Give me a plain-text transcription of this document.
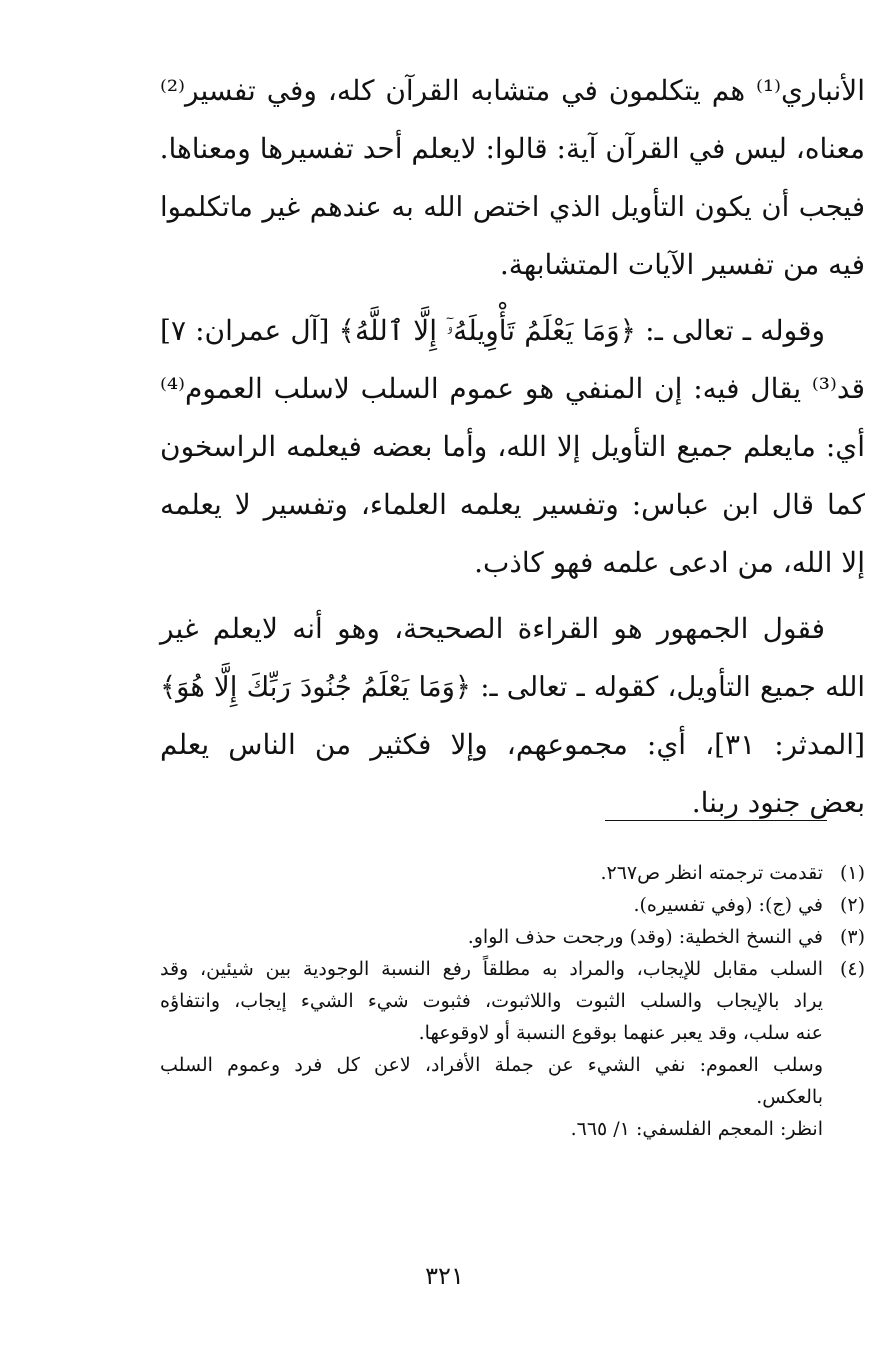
الأنباري⁽¹⁾ هم يتكلمون في متشابه القرآن كله، وفي تفسير⁽²⁾
معناه، ليس في القرآن آية: قالوا: لايعلم أحد تفسيرها ومعناها.
فيجب أن يكون التأويل الذي اختص الله به عندهم غير ماتكلموا
فيه من تفسير الآيات المتشابهة.
وقوله ـ تعالى ـ: ﴿وَمَا يَعْلَمُ تَأْوِيلَهُۥٓ إِلَّا ٱللَّهُ﴾ [آل عمران: ٧]
قد⁽³⁾ يقال فيه: إن المنفي هو عموم السلب لاسلب العموم⁽⁴⁾
أي: مايعلم جميع التأويل إلا الله، وأما بعضه فيعلمه الراسخون
كما قال ابن عباس: وتفسير يعلمه العلماء، وتفسير لا يعلمه
إلا الله، من ادعى علمه فهو كاذب.
فقول الجمهور هو القراءة الصحيحة، وهو أنه لايعلم غير
الله جميع التأويل، كقوله ـ تعالى ـ: ﴿وَمَا يَعْلَمُ جُنُودَ رَبِّكَ إِلَّا هُوَ﴾
[المدثر: ٣١]، أي: مجموعهم، وإلا فكثير من الناس يعلم
بعض جنود ربنا.
(١)
تقدمت ترجمته انظر ص٢٦٧.
(٢)
في (ج): (وفي تفسيره).
(٣)
في النسخ الخطية: (وقد) ورجحت حذف الواو.
(٤)
السلب مقابل للإيجاب، والمراد به مطلقاً رفع النسبة الوجودية بين شيئين، وقد
يراد بالإيجاب والسلب الثبوت واللاثبوت، فثبوت شيء الشيء إيجاب، وانتفاؤه
عنه سلب، وقد يعبر عنهما بوقوع النسبة أو لاوقوعها.
وسلب العموم: نفي الشيء عن جملة الأفراد، لاعن كل فرد وعموم السلب
بالعكس.
انظر: المعجم الفلسفي: ١/ ٦٦٥.
٣٢١
